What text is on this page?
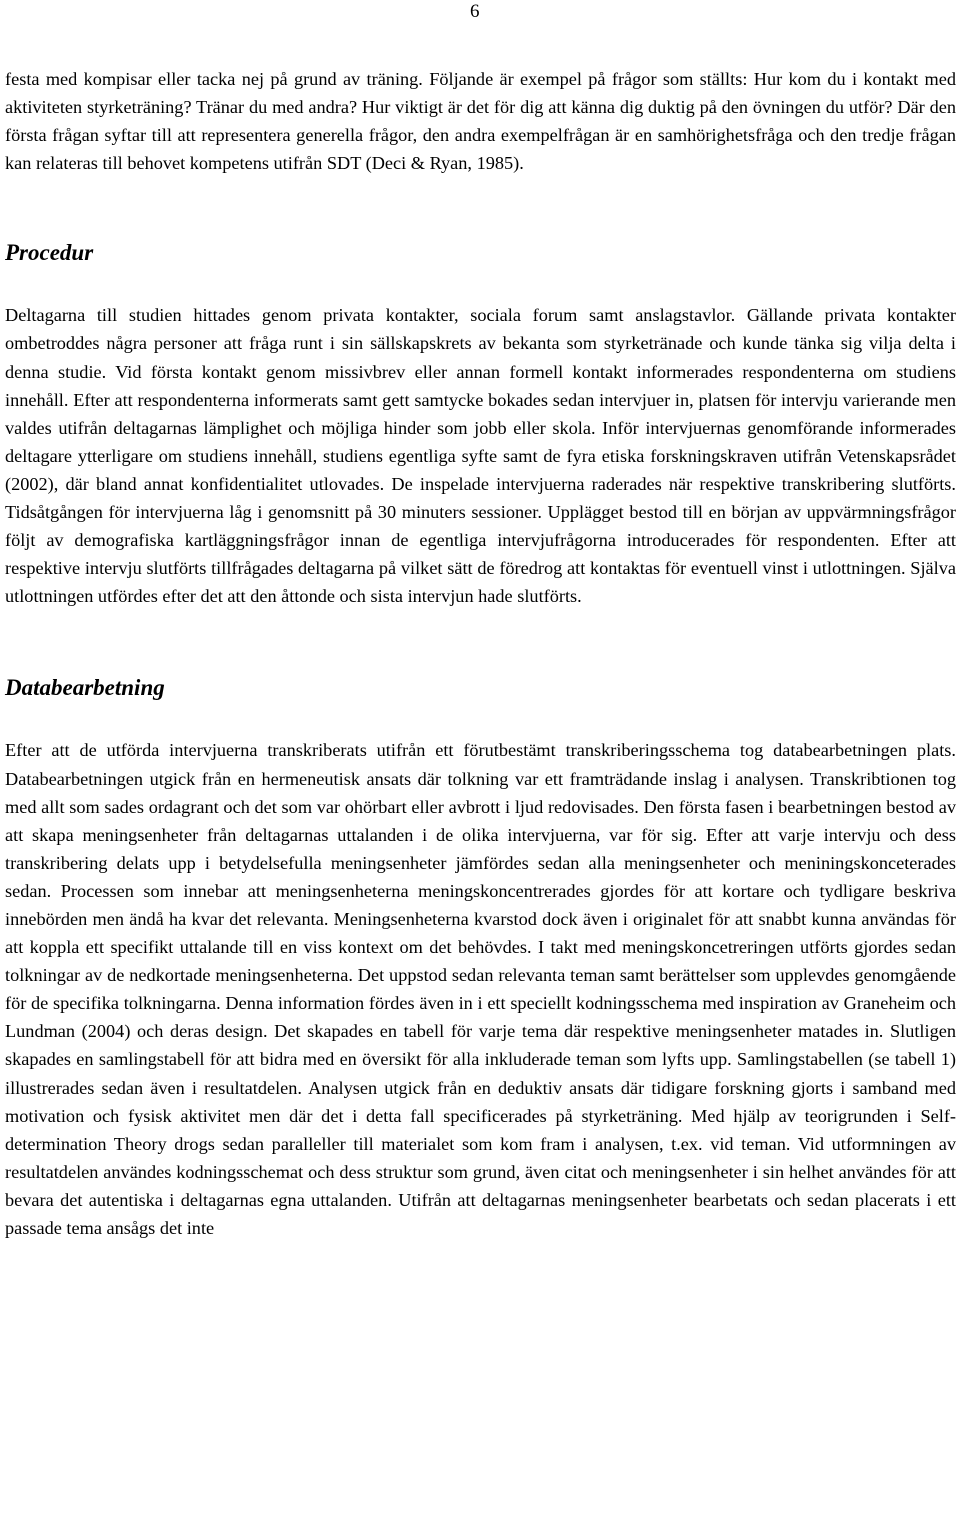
6

festa med kompisar eller tacka nej på grund av träning. Följande är exempel på frågor som ställts: Hur kom du i kontakt med aktiviteten styrketräning? Tränar du med andra? Hur viktigt är det för dig att känna dig duktig på den övningen du utför? Där den första frågan syftar till att representera generella frågor, den andra exempelfrågan är en samhörighetsfråga och den tredje frågan kan relateras till behovet kompetens utifrån SDT (Deci & Ryan, 1985).

Procedur

Deltagarna till studien hittades genom privata kontakter, sociala forum samt anslagstavlor. Gällande privata kontakter ombetroddes några personer att fråga runt i sin sällskapskrets av bekanta som styrketränade och kunde tänka sig vilja delta i denna studie. Vid första kontakt genom missivbrev eller annan formell kontakt informerades respondenterna om studiens innehåll. Efter att respondenterna informerats samt gett samtycke bokades sedan intervjuer in, platsen för intervju varierande men valdes utifrån deltagarnas lämplighet och möjliga hinder som jobb eller skola. Inför intervjuernas genomförande informerades deltagare ytterligare om studiens innehåll, studiens egentliga syfte samt de fyra etiska forskningskraven utifrån Vetenskapsrådet (2002), där bland annat konfidentialitet utlovades. De inspelade intervjuerna raderades när respektive transkribering slutförts. Tidsåtgången för intervjuerna låg i genomsnitt på 30 minuters sessioner. Upplägget bestod till en början av uppvärmningsfrågor följt av demografiska kartläggningsfrågor innan de egentliga intervjufrågorna introducerades för respondenten. Efter att respektive intervju slutförts tillfrågades deltagarna på vilket sätt de föredrog att kontaktas för eventuell vinst i utlottningen. Själva utlottningen utfördes efter det att den åttonde och sista intervjun hade slutförts.

Databearbetning

Efter att de utförda intervjuerna transkriberats utifrån ett förutbestämt transkriberingsschema tog databearbetningen plats. Databearbetningen utgick från en hermeneutisk ansats där tolkning var ett framträdande inslag i analysen. Transkribtionen tog med allt som sades ordagrant och det som var ohörbart eller avbrott i ljud redovisades. Den första fasen i bearbetningen bestod av att skapa meningsenheter från deltagarnas uttalanden i de olika intervjuerna, var för sig. Efter att varje intervju och dess transkribering delats upp i betydelsefulla meningsenheter jämfördes sedan alla meningsenheter och meniningskonceterades sedan. Processen som innebar att meningsenheterna meningskoncentrerades gjordes för att kortare och tydligare beskriva innebörden men ändå ha kvar det relevanta. Meningsenheterna kvarstod dock även i originalet för att snabbt kunna användas för att koppla ett specifikt uttalande till en viss kontext om det behövdes. I takt med meningskoncetreringen utförts gjordes sedan tolkningar av de nedkortade meningsenheterna. Det uppstod sedan relevanta teman samt berättelser som upplevdes genomgående för de specifika tolkningarna. Denna information fördes även in i ett speciellt kodningsschema med inspiration av Graneheim och Lundman (2004) och deras design. Det skapades en tabell för varje tema där respektive meningsenheter matades in. Slutligen skapades en samlingstabell för att bidra med en översikt för alla inkluderade teman som lyfts upp. Samlingstabellen (se tabell 1) illustrerades sedan även i resultatdelen. Analysen utgick från en deduktiv ansats där tidigare forskning gjorts i samband med motivation och fysisk aktivitet men där det i detta fall specificerades på styrketräning. Med hjälp av teorigrunden i Self-determination Theory drogs sedan paralleller till materialet som kom fram i analysen, t.ex. vid teman. Vid utformningen av resultatdelen användes kodningsschemat och dess struktur som grund, även citat och meningsenheter i sin helhet användes för att bevara det autentiska i deltagarnas egna uttalanden. Utifrån att deltagarnas meningsenheter bearbetats och sedan placerats i ett passade tema ansågs det inte
